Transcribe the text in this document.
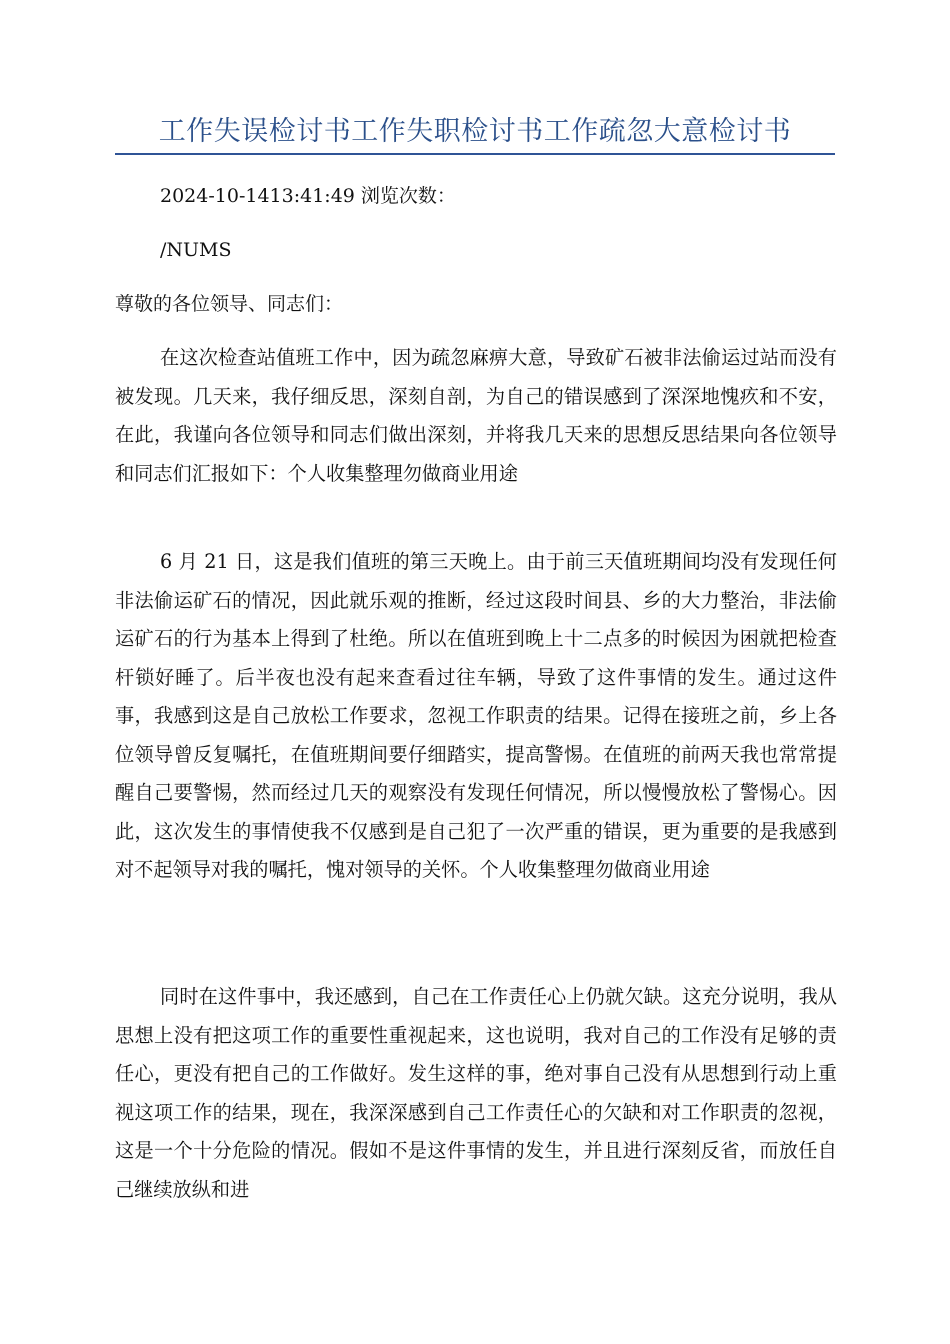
工作失误检讨书工作失职检讨书工作疏忽大意检讨书
2024-10-1413:41:49 浏览次数：
/NUMS
尊敬的各位领导、同志们：

在这次检查站值班工作中，因为疏忽麻痹大意，导致矿石被非法偷运过站而没有被发现。几天来，我仔细反思，深刻自剖，为自己的错误感到了深深地愧疚和不安，在此，我谨向各位领导和同志们做出深刻，并将我几天来的思想反思结果向各位领导和同志们汇报如下：个人收集整理勿做商业用途

6 月 21 日，这是我们值班的第三天晚上。由于前三天值班期间均没有发现任何非法偷运矿石的情况，因此就乐观的推断，经过这段时间县、乡的大力整治，非法偷运矿石的行为基本上得到了杜绝。所以在值班到晚上十二点多的时候因为困就把检查杆锁好睡了。后半夜也没有起来查看过往车辆，导致了这件事情的发生。通过这件事，我感到这是自己放松工作要求，忽视工作职责的结果。记得在接班之前，乡上各位领导曾反复嘱托，在值班期间要仔细踏实，提高警惕。在值班的前两天我也常常提醒自己要警惕，然而经过几天的观察没有发现任何情况，所以慢慢放松了警惕心。因此，这次发生的事情使我不仅感到是自己犯了一次严重的错误，更为重要的是我感到对不起领导对我的嘱托，愧对领导的关怀。个人收集整理勿做商业用途

同时在这件事中，我还感到，自己在工作责任心上仍就欠缺。这充分说明，我从思想上没有把这项工作的重要性重视起来，这也说明，我对自己的工作没有足够的责任心，更没有把自己的工作做好。发生这样的事，绝对事自己没有从思想到行动上重视这项工作的结果，现在，我深深感到自己工作责任心的欠缺和对工作职责的忽视，这是一个十分危险的情况。假如不是这件事情的发生，并且进行深刻反省，而放任自己继续放纵和进
